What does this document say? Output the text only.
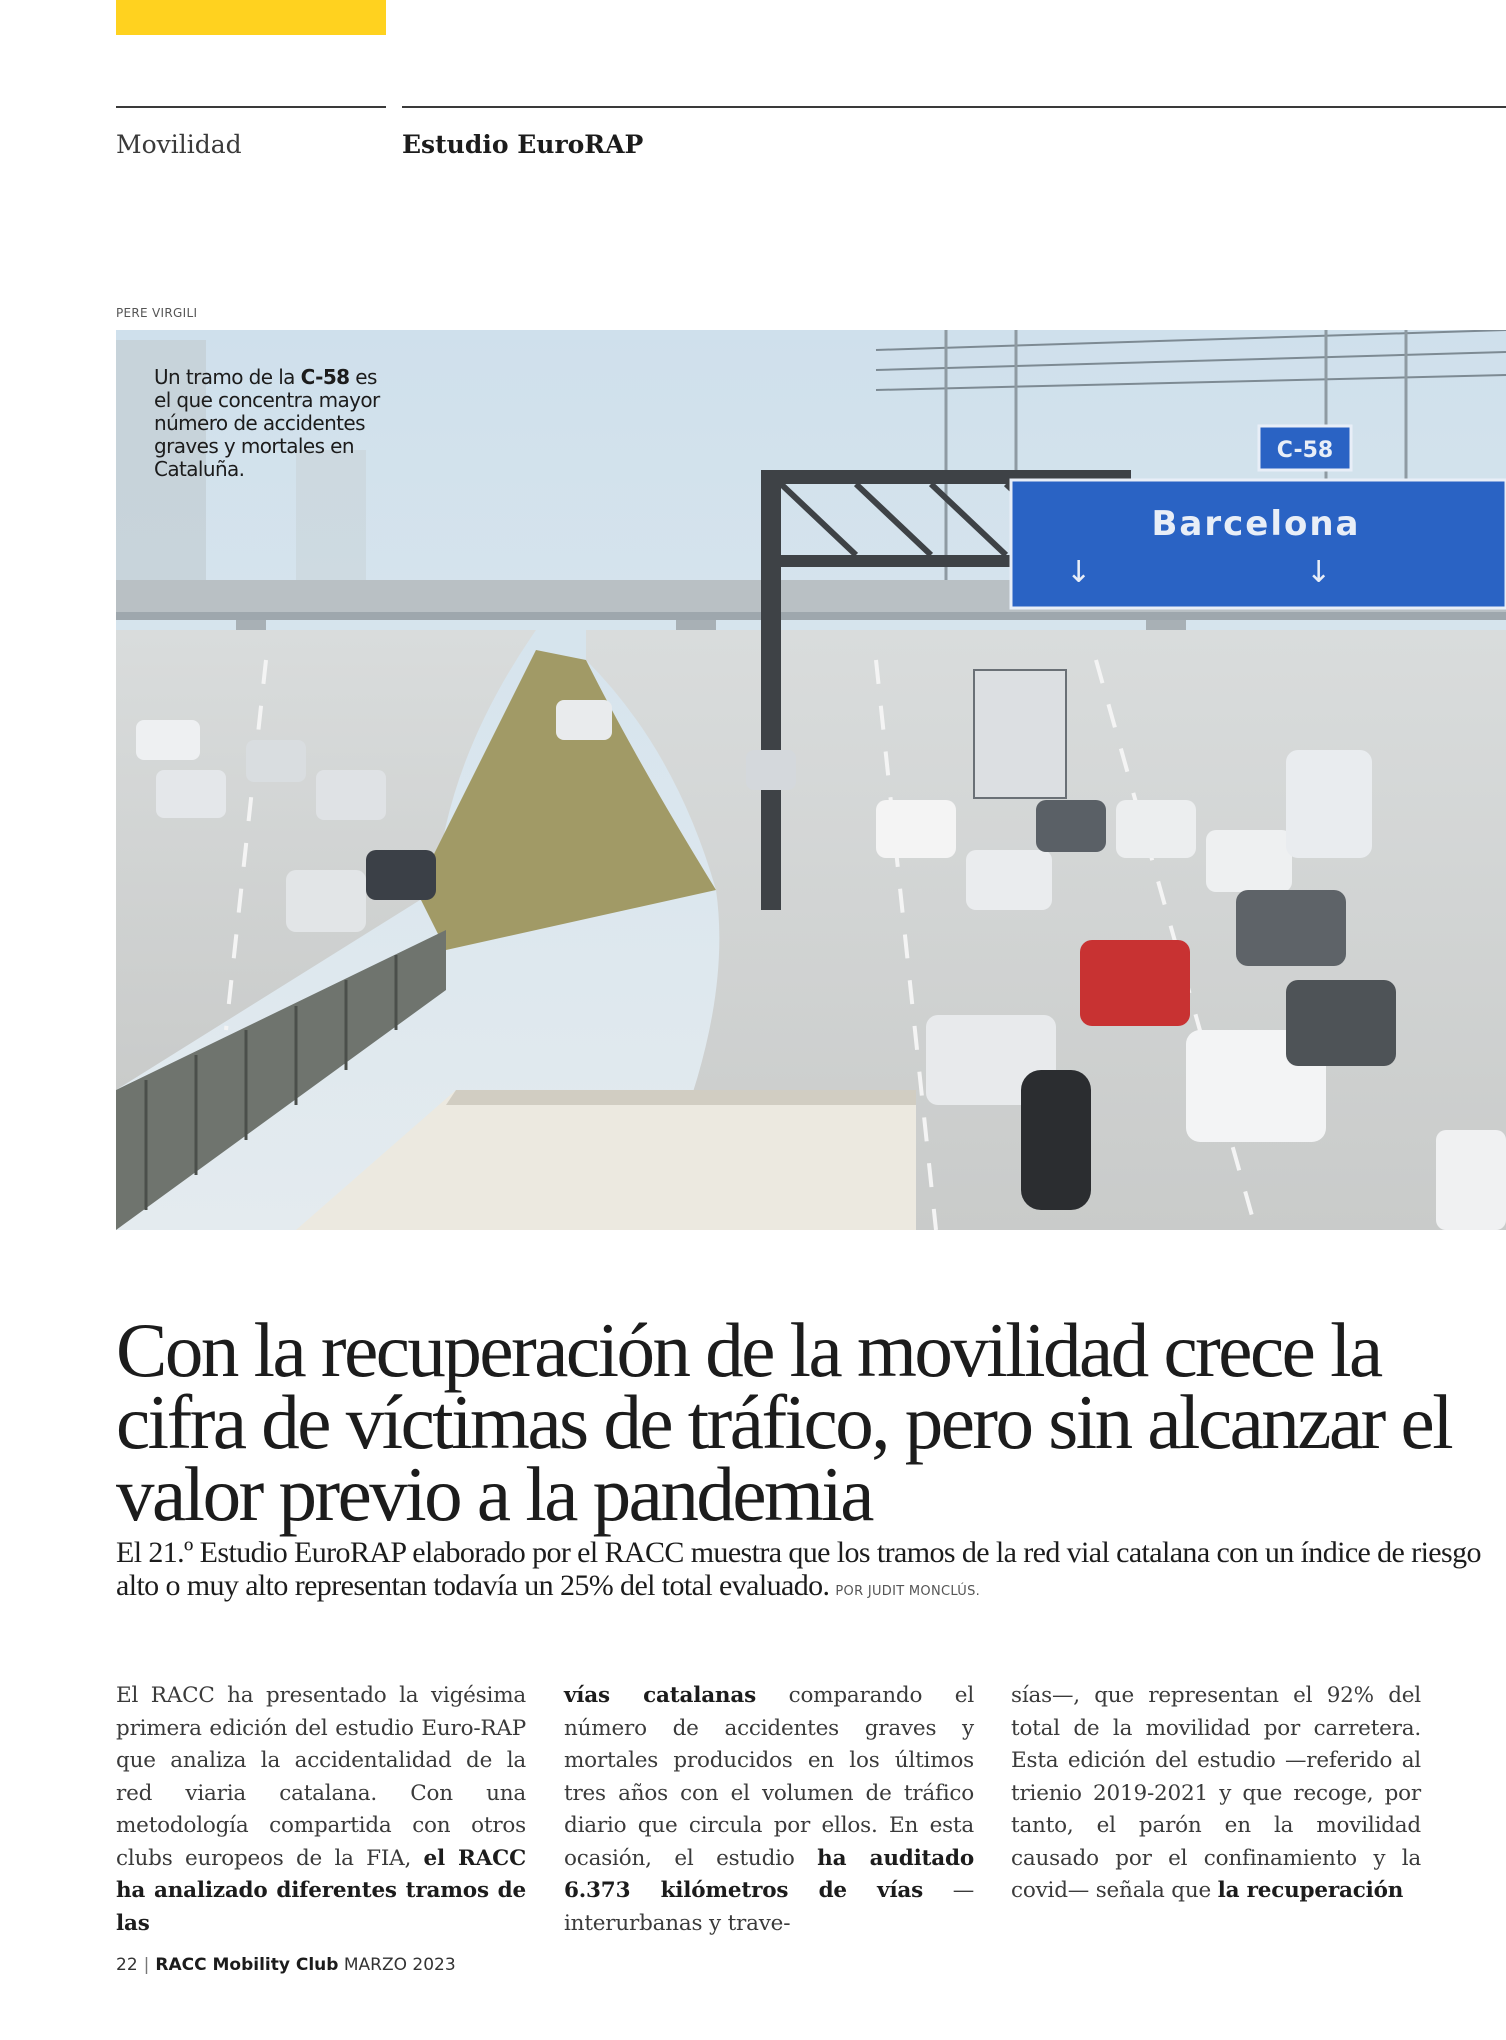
Movilidad	Estudio EuroRAP
PERE VIRGILI
Barcelona
↓	↓
C-58
Un tramo de la C-58 es el que concentra mayor número de accidentes graves y mortales en Cataluña.
Con la recuperación de la movilidad crece la cifra de víctimas de tráfico, pero sin alcanzar el valor previo a la pandemia
El 21.º Estudio EuroRAP elaborado por el RACC muestra que los tramos de la red vial catalana con un índice de riesgo alto o muy alto representan todavía un 25% del total evaluado. POR JUDIT MONCLÚS.
El RACC ha presentado la vigésima primera edición del estudio Euro-RAP que analiza la accidentalidad de la red viaria catalana. Con una metodología compartida con otros clubs europeos de la FIA, el RACC ha analizado diferentes tramos de las
vías catalanas comparando el número de accidentes graves y mortales producidos en los últimos tres años con el volumen de tráfico diario que circula por ellos. En esta ocasión, el estudio ha auditado 6.373 kilómetros de vías —interurbanas y trave-
sías—, que representan el 92% del total de la movilidad por carretera. Esta edición del estudio —referido al trienio 2019-2021 y que recoge, por tanto, el parón en la movilidad causado por el confinamiento y la covid— señala que la recuperación
22 | RACC Mobility Club MARZO 2023
